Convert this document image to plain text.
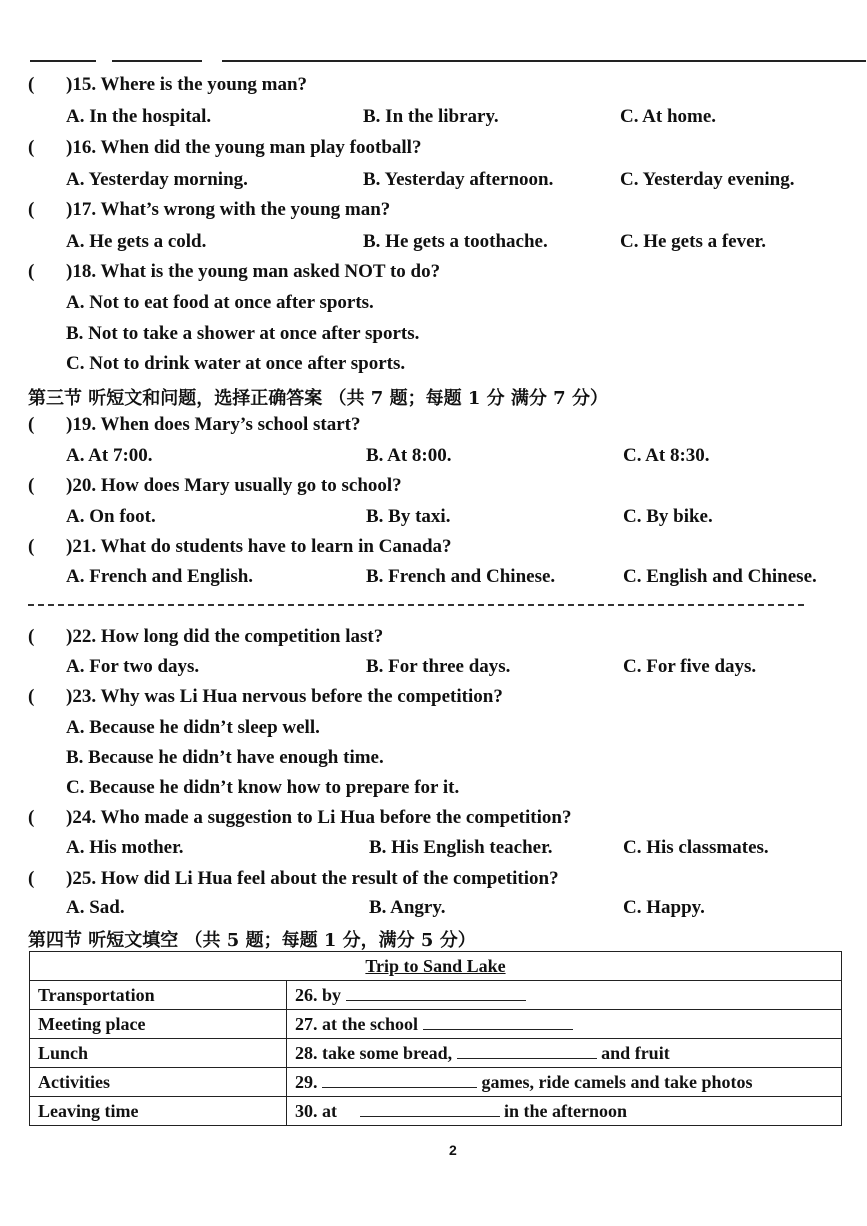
( )15. Where is the young man?
A. In the hospital.	B. In the library.	C. At home.
( )16. When did the young man play football?
A. Yesterday morning.	B. Yesterday afternoon.	C. Yesterday evening.
( )17. What’s wrong with the young man?
A. He gets a cold.	B. He gets a toothache.	C. He gets a fever.
( )18. What is the young man asked NOT to do?
A. Not to eat food at once after sports.
B. Not to take a shower at once after sports.
C. Not to drink water at once after sports.
第三节 听短文和问题，选择正确答案 （共 7 题；每题 1 分 满分 7 分）
( )19. When does Mary’s school start?
A. At 7:00.	B. At 8:00.	C. At 8:30.
( )20. How does Mary usually go to school?
A. On foot.	B. By taxi.	C. By bike.
( )21. What do students have to learn in Canada?
A. French and English.	B. French and Chinese.	C. English and Chinese.
( )22. How long did the competition last?
A. For two days.	B. For three days.	C. For five days.
( )23. Why was Li Hua nervous before the competition?
A. Because he didn’t sleep well.
B. Because he didn’t have enough time.
C. Because he didn’t know how to prepare for it.
( )24. Who made a suggestion to Li Hua before the competition?
A. His mother.	B. His English teacher.	C. His classmates.
( )25. How did Li Hua feel about the result of the competition?
A. Sad.	B. Angry.	C. Happy.
第四节 听短文填空 （共 5 题；每题 1 分，满分 5 分）
Trip to Sand Lake	
Transportation	26. by
Meeting place	27. at the school
Lunch	28. take some bread, and fruit
Activities	29. games, ride camels and take photos
Leaving time	30. at in the afternoon
2
